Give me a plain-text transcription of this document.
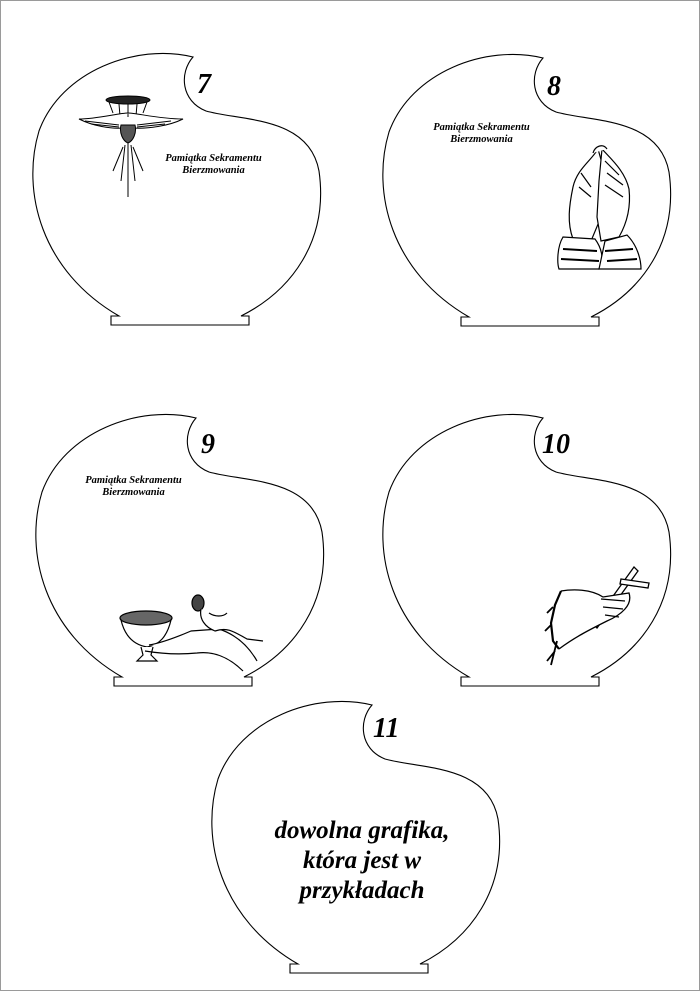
7
Pamiątka Sekramentu
Bierzmowania
8
Pamiątka Sekramentu
Bierzmowania
9
Pamiątka Sekramentu
Bierzmowania
10
11
dowolna grafika,
która jest w
przykładach
